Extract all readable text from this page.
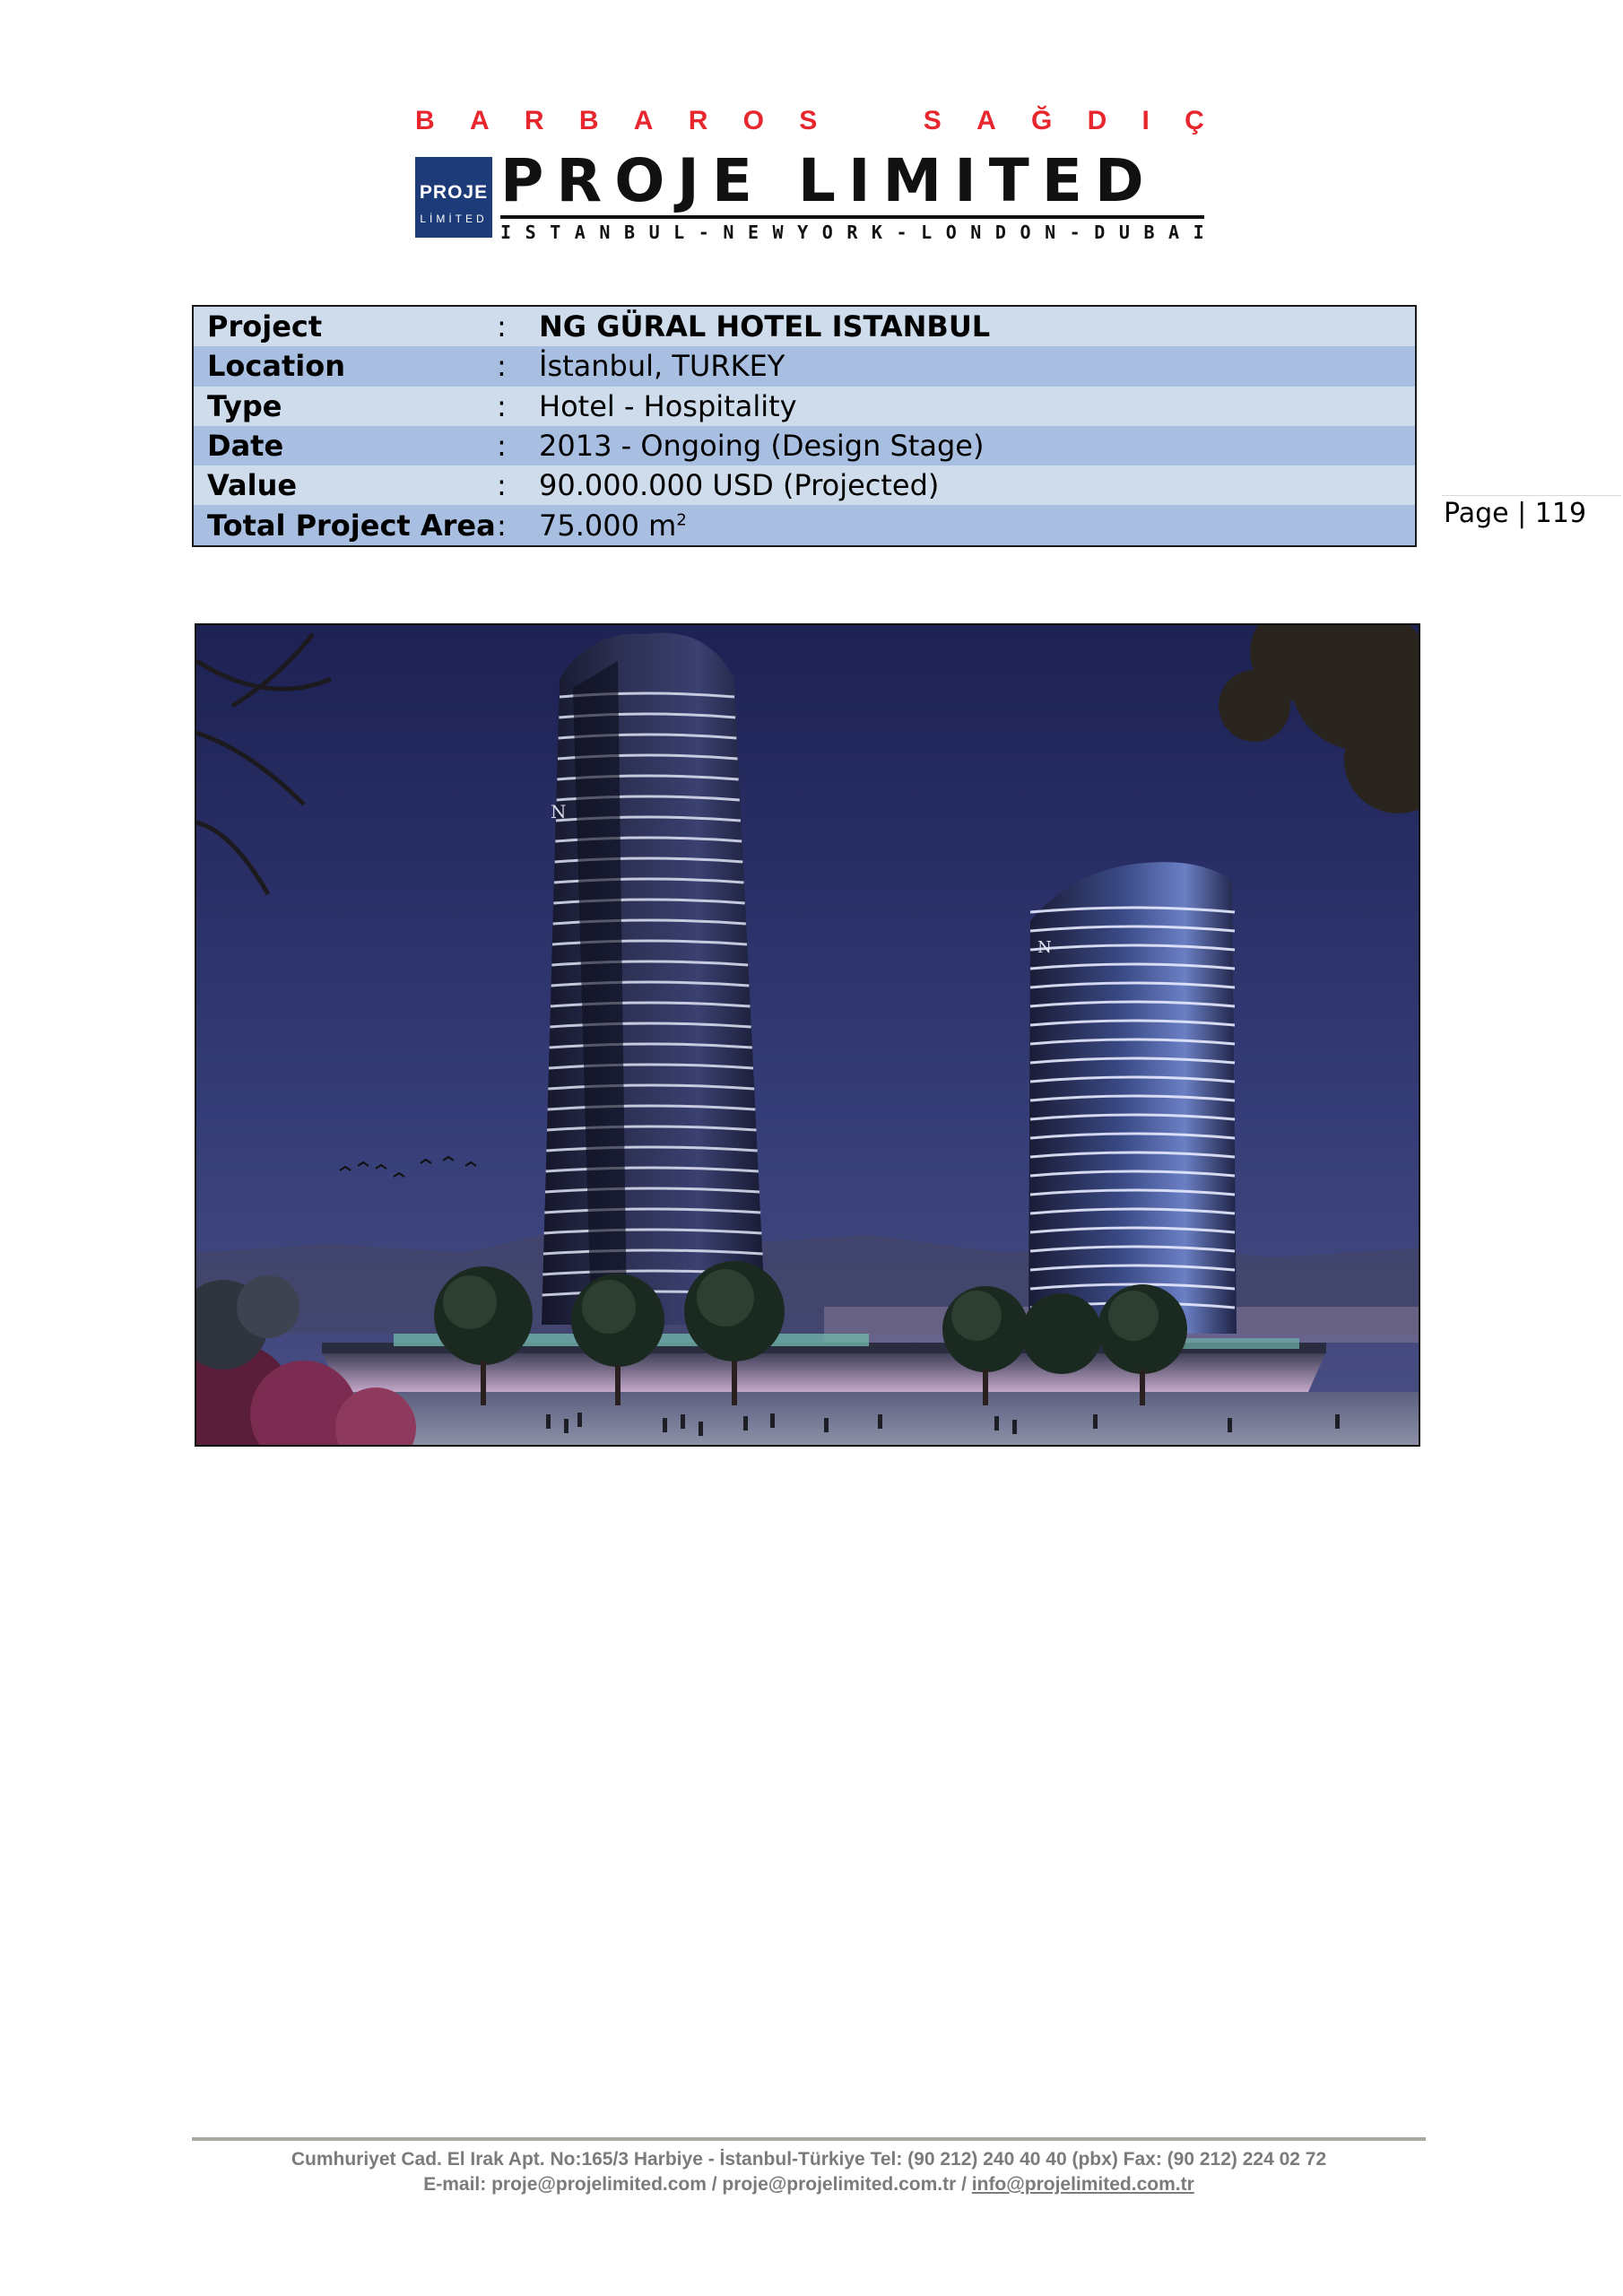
B A R B A R O S	S A Ğ D I Ç
PROJE
LİMİTED
PROJE LIMITED
I S T A N B U L - N E W Y O R K - L O N D O N - D U B A I
Project	: NG GÜRAL HOTEL ISTANBUL
Location	: İstanbul, TURKEY
Type	: Hotel - Hospitality
Date	: 2013 - Ongoing (Design Stage)
Value	: 90.000.000 USD (Projected)
Total Project Area : 75.000 $m^2$	Page | 119
N
N
Cumhuriyet Cad. El Irak Apt. No:165/3 Harbiye - İstanbul-Türkiye Tel: (90 212) 240 40 40 (pbx) Fax: (90 212) 224 02 72
E-mail: proje@projelimited.com / proje@projelimited.com.tr / info@projelimited.com.tr
